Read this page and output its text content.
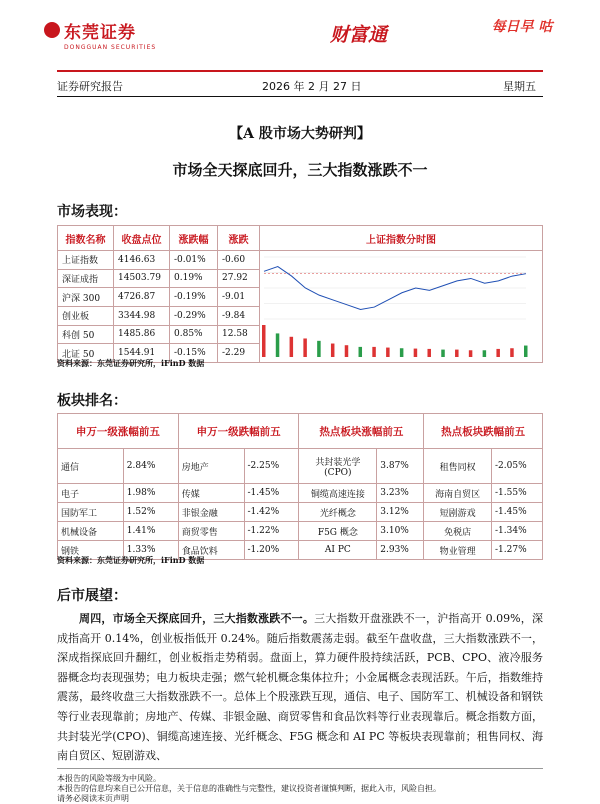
东莞证券
DONGGUAN SECURITIES
财富通	每日早 咕
证券研究报告	2026 年 2 月 27 日	星期五
【A 股市场大势研判】
市场全天探底回升，三大指数涨跌不一
市场表现：
指数名称	收盘点位	涨跌幅	涨跌	上证指数分时图
上证指数	4146.63	-0.01%	-0.60	
深证成指	14503.79	0.19%	27.92	
沪深 300	4726.87	-0.19%	-9.01	
创业板	3344.98	-0.29%	-9.84	
科创 50	1485.86	0.85%	12.58	
北证 50	1544.91	-0.15%	-2.29	
资料来源：东莞证券研究所，iFinD 数据
板块排名：
申万一级涨幅前五		申万一级跌幅前五		热点板块涨幅前五		热点板块跌幅前五	
通信	2.84%	房地产	-2.25%	共封装光学(CPO)	3.87%	租售同权	-2.05%
电子	1.98%	传媒	-1.45%	铜缆高速连接	3.23%	海南自贸区	-1.55%
国防军工	1.52%	非银金融	-1.42%	光纤概念	3.12%	短剧游戏	-1.45%
机械设备	1.41%	商贸零售	-1.22%	F5G 概念	3.10%	免税店	-1.34%
钢铁	1.33%	食品饮料	-1.20%	AI PC	2.93%	物业管理	-1.27%
资料来源：东莞证券研究所，iFinD 数据
后市展望：
周四，市场全天探底回升，三大指数涨跌不一。三大指数开盘涨跌不一，沪指高开 0.09%，深成指高开 0.14%，创业板指低开 0.24%。随后指数震荡走弱。截至午盘收盘，三大指数涨跌不一，深成指探底回升翻红，创业板指走势稍弱。盘面上，算力硬件股持续活跃，PCB、CPO、液冷服务器概念均表现强势；电力板块走强；燃气轮机概念集体拉升；小金属概念表现活跃。午后，指数维持震荡，最终收盘三大指数涨跌不一。总体上个股涨跌互现，通信、电子、国防军工、机械设备和钢铁等行业表现靠前；房地产、传媒、非银金融、商贸零售和食品饮料等行业表现靠后。概念指数方面，共封装光学(CPO)、铜缆高速连接、光纤概念、F5G 概念和 AI PC 等板块表现靠前；租售同权、海南自贸区、短剧游戏、
本报告的风险等级为中风险。
本报告的信息均来自已公开信息，关于信息的准确性与完整性，建议投资者谨慎判断，据此入市，风险自担。
请务必阅读末页声明
